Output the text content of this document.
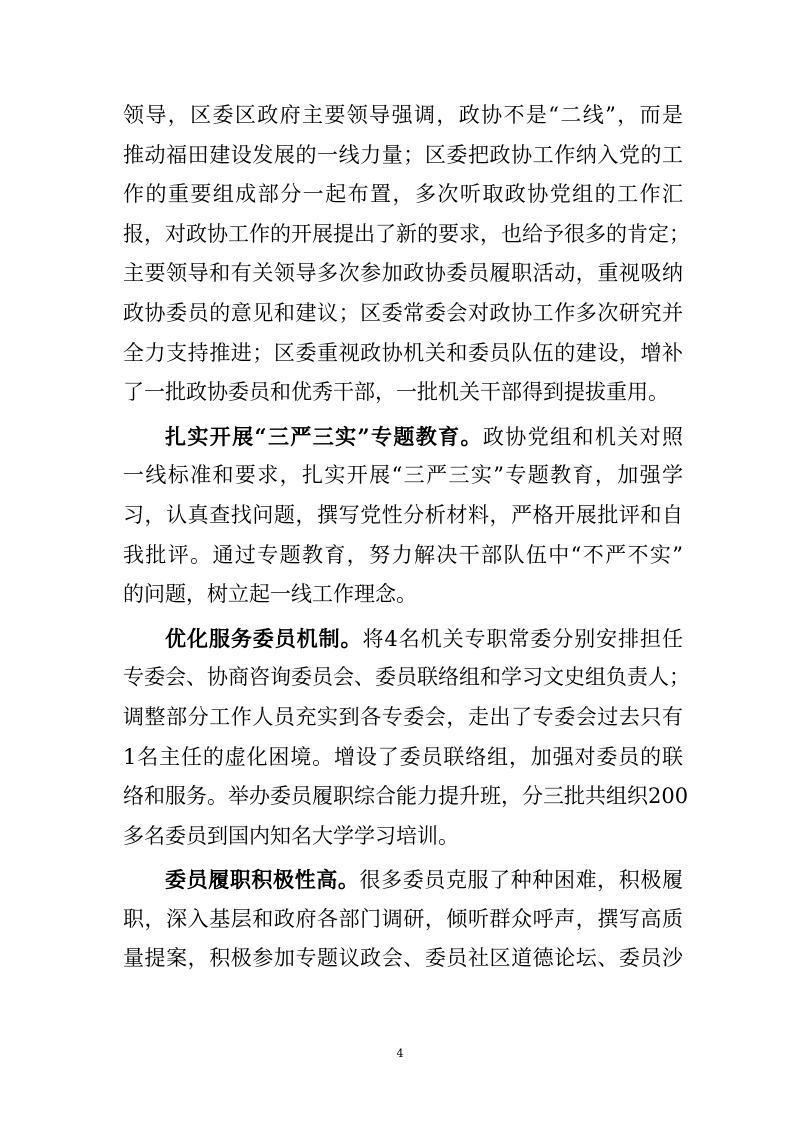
领导，区委区政府主要领导强调，政协不是“二线”，而是
推动福田建设发展的一线力量；区委把政协工作纳入党的工
作的重要组成部分一起布置，多次听取政协党组的工作汇
报，对政协工作的开展提出了新的要求，也给予很多的肯定；
主要领导和有关领导多次参加政协委员履职活动，重视吸纳
政协委员的意见和建议；区委常委会对政协工作多次研究并
全力支持推进；区委重视政协机关和委员队伍的建设，增补
了一批政协委员和优秀干部，一批机关干部得到提拔重用。
扎实开展“三严三实”专题教育。政协党组和机关对照
一线标准和要求，扎实开展“三严三实”专题教育，加强学
习，认真查找问题，撰写党性分析材料，严格开展批评和自
我批评。通过专题教育，努力解决干部队伍中“不严不实”
的问题，树立起一线工作理念。
优化服务委员机制。将4名机关专职常委分别安排担任
专委会、协商咨询委员会、委员联络组和学习文史组负责人；
调整部分工作人员充实到各专委会，走出了专委会过去只有
1名主任的虚化困境。增设了委员联络组，加强对委员的联
络和服务。举办委员履职综合能力提升班，分三批共组织200
多名委员到国内知名大学学习培训。
委员履职积极性高。很多委员克服了种种困难，积极履
职，深入基层和政府各部门调研，倾听群众呼声，撰写高质
量提案，积极参加专题议政会、委员社区道德论坛、委员沙
4
